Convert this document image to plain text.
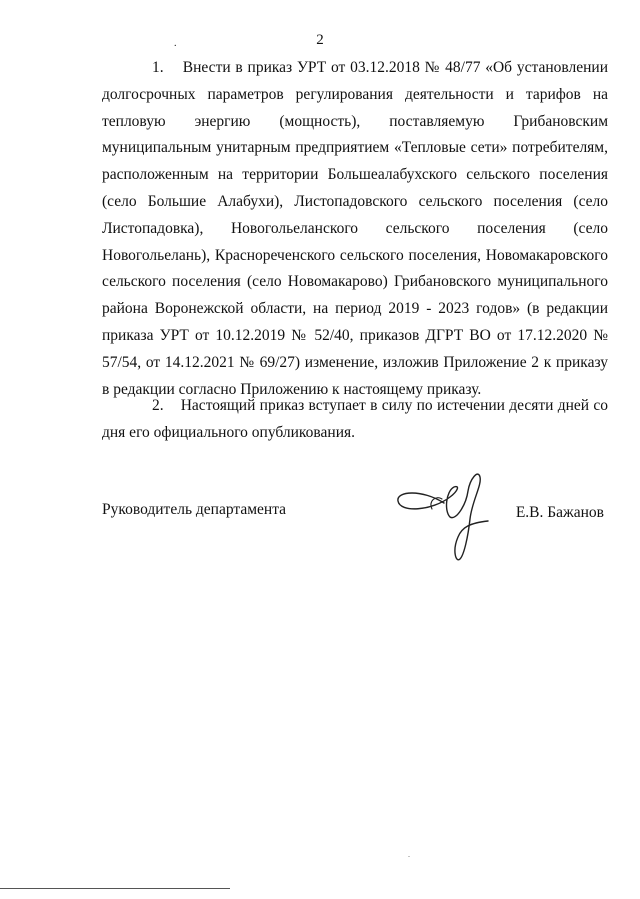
2
.

1.    Внести в приказ УРТ от 03.12.2018 № 48/77 «Об установлении долгосрочных параметров регулирования деятельности и тарифов на тепловую энергию (мощность), поставляемую Грибановским муниципальным унитарным предприятием «Тепловые сети» потребителям, расположенным на территории Большеалабухского сельского поселения (село Большие Алабухи), Листопадовского сельского поселения (село Листопадовка), Новогольеланского сельского поселения (село Новогольелань), Краснореченского сельского поселения, Новомакаровского сельского поселения (село Новомакарово) Грибановского муниципального района Воронежской области, на период 2019 - 2023 годов» (в редакции приказа УРТ от 10.12.2019 № 52/40, приказов ДГРТ ВО от 17.12.2020 № 57/54, от 14.12.2021 № 69/27) изменение, изложив Приложение 2 к приказу в редакции согласно Приложению к настоящему приказу.

2.    Настоящий приказ вступает в силу по истечении десяти дней со дня его официального опубликования.

Руководитель департамента	Е.В. Бажанов
.
